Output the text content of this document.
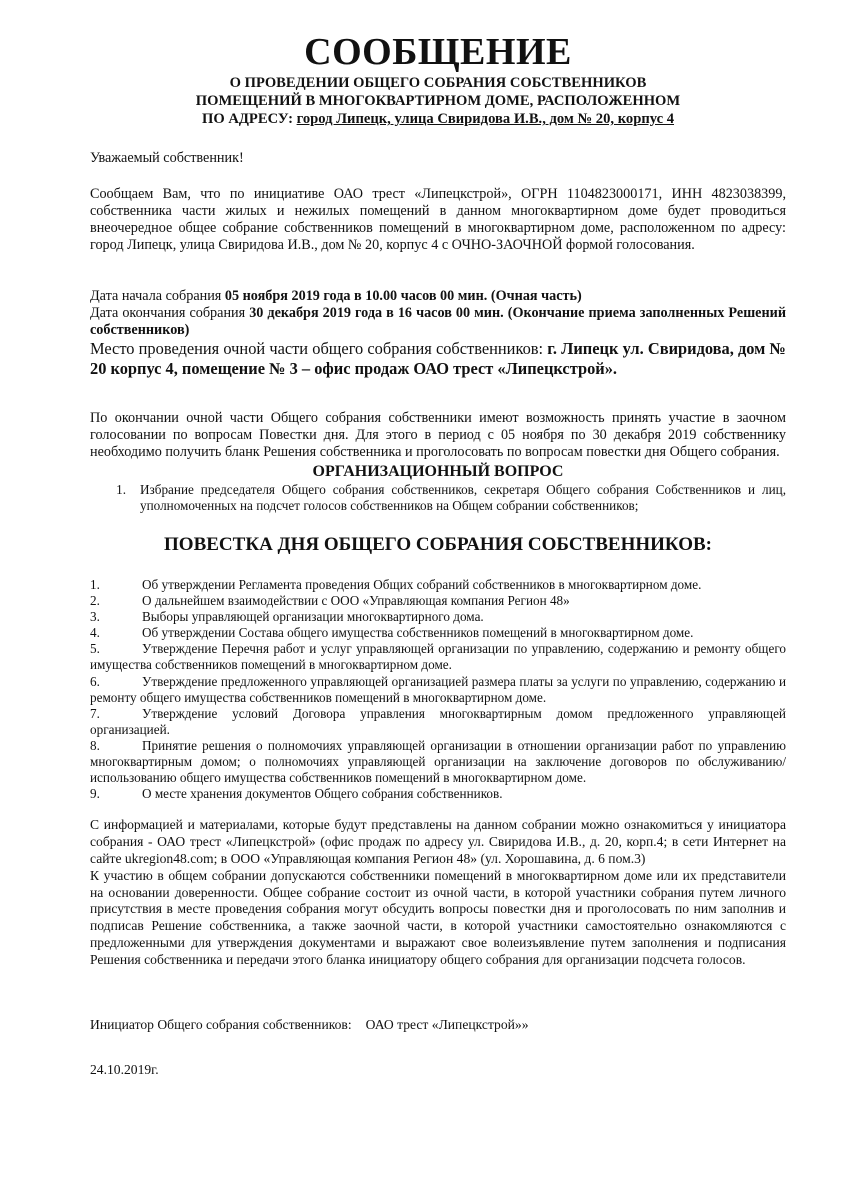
СООБЩЕНИЕ
О ПРОВЕДЕНИИ ОБЩЕГО СОБРАНИЯ СОБСТВЕННИКОВ
ПОМЕЩЕНИЙ В МНОГОКВАРТИРНОМ ДОМЕ, РАСПОЛОЖЕННОМ
ПО АДРЕСУ: город Липецк, улица Свиридова И.В., дом № 20, корпус 4

Уважаемый собственник!

Сообщаем Вам, что по инициативе ОАО трест «Липецкстрой», ОГРН 1104823000171, ИНН 4823038399, собственника части жилых и нежилых помещений в данном многоквартирном доме будет проводиться внеочередное общее собрание собственников помещений в многоквартирном доме, расположенном по адресу: город Липецк, улица Свиридова И.В., дом № 20, корпус 4 с ОЧНО-ЗАОЧНОЙ формой голосования.

Дата начала собрания 05 ноября 2019 года в 10.00 часов 00 мин. (Очная часть)

Дата окончания собрания 30 декабря 2019 года в 16 часов 00 мин. (Окончание приема заполненных Решений собственников)

Место проведения очной части общего собрания собственников: г. Липецк ул. Свиридова, дом № 20 корпус 4, помещение № 3 – офис продаж ОАО трест «Липецкстрой».

По окончании очной части Общего собрания собственники имеют возможность принять участие в заочном голосовании по вопросам Повестки дня. Для этого в период с 05 ноября по 30 декабря 2019 собственнику необходимо получить бланк Решения собственника и проголосовать по вопросам повестки дня Общего собрания.

ОРГАНИЗАЦИОННЫЙ ВОПРОС
1.	Избрание председателя Общего собрания собственников, секретаря Общего собрания Собственников и лиц, уполномоченных на подсчет голосов собственников на Общем собрании собственников;
ПОВЕСТКА ДНЯ ОБЩЕГО СОБРАНИЯ СОБСТВЕННИКОВ:
1.	Об утверждении Регламента проведения Общих собраний собственников в многоквартирном доме.
2.	О дальнейшем взаимодействии с ООО «Управляющая компания Регион 48»
3.	Выборы управляющей организации многоквартирного дома.
4.	Об утверждении Состава общего имущества собственников помещений в многоквартирном доме.
5.	Утверждение Перечня работ и услуг управляющей организации по управлению, содержанию и ремонту общего имущества собственников помещений в многоквартирном доме.
6.	Утверждение предложенного управляющей организацией размера платы за услуги по управлению, содержанию и ремонту общего имущества собственников помещений в многоквартирном доме.
7.	Утверждение условий Договора управления многоквартирным домом предложенного управляющей организацией.
8.	Принятие решения о полномочиях управляющей организации в отношении организации работ по управлению многоквартирным домом; о полномочиях управляющей организации на заключение договоров по обслуживанию/использованию общего имущества собственников помещений в многоквартирном доме.
9.	О месте хранения документов Общего собрания собственников.

С информацией и материалами, которые будут представлены на данном собрании можно ознакомиться у инициатора собрания - ОАО трест «Липецкстрой» (офис продаж по адресу ул. Свиридова И.В., д. 20, корп.4; в сети Интернет на сайте ukregion48.com; в ООО «Управляющая компания Регион 48» (ул. Хорошавина, д. 6 пом.3)

К участию в общем собрании допускаются собственники помещений в многоквартирном доме или их представители на основании доверенности. Общее собрание состоит из очной части, в которой участники собрания путем личного присутствия в месте проведения собрания могут обсудить вопросы повестки дня и проголосовать по ним заполнив и подписав Решение собственника, а также заочной части, в которой участники самостоятельно ознакомляются с предложенными для утверждения документами и выражают свое волеизъявление путем заполнения и подписания Решения собственника и передачи этого бланка инициатору общего собрания для организации подсчета голосов.

Инициатор Общего собрания собственников: ОАО трест «Липецкстрой»»

24.10.2019г.
